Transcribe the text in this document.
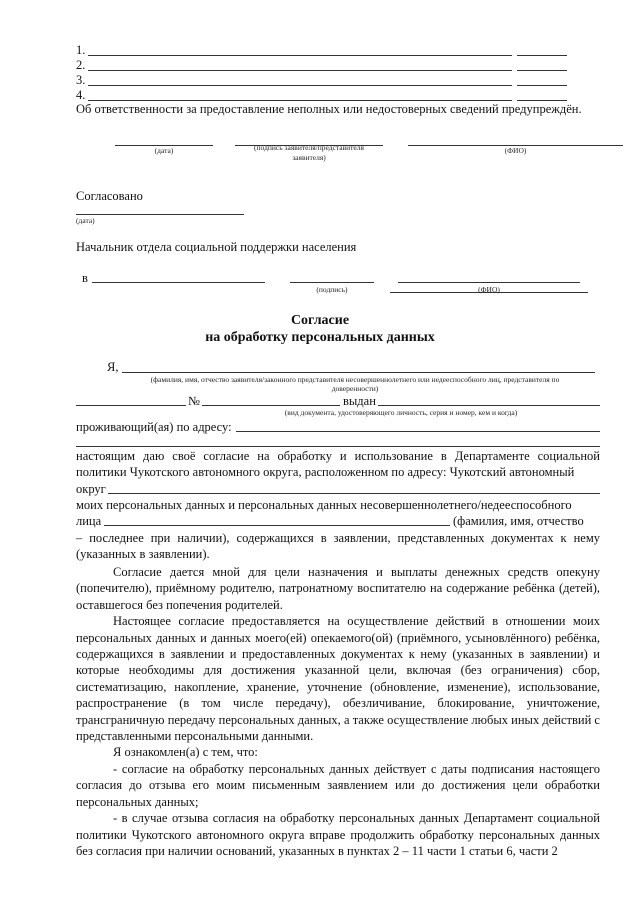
1.
2.
3.
4.
Об ответственности за предоставление неполных или недостоверных сведений предупреждён.
(дата)	(подпись заявителя/представителя
заявителя)
(ФИО)
Согласовано
(дата)
Начальник отдела социальной поддержки населения
в
(подпись)	(ФИО)
Согласие
на обработку персональных данных
Я,
(фамилия, имя, отчество заявителя/законного представителя несовершеннолетнего или недееспособного лиц, представителя по
доверенности)
№	выдан
(вид документа, удостоверяющего личность, серия и номер, кем и когда)
проживающий(ая) по адресу:

настоящим даю своё согласие на обработку и использование в Департаменте социальной политики Чукотского автономного округа, расположенном по адресу: Чукотский автономный

округ

моих персональных данных и персональных данных несовершеннолетнего/недееспособного

лица	(фамилия, имя, отчество

– последнее при наличии), содержащихся в заявлении, представленных документах к нему (указанных в заявлении).

Согласие дается мной для цели назначения и выплаты денежных средств опекуну (попечителю), приёмному родителю, патронатному воспитателю на содержание ребёнка (детей), оставшегося без попечения родителей.

Настоящее согласие предоставляется на осуществление действий в отношении моих персональных данных и данных моего(ей) опекаемого(ой) (приёмного, усыновлённого) ребёнка, содержащихся в заявлении и предоставленных документах к нему (указанных в заявлении) и которые необходимы для достижения указанной цели, включая (без ограничения) сбор, систематизацию, накопление, хранение, уточнение (обновление, изменение), использование, распространение (в том числе передачу), обезличивание, блокирование, уничтожение, трансграничную передачу персональных данных, а также осуществление любых иных действий с представленными персональными данными.

Я ознакомлен(а) с тем, что:

- согласие на обработку персональных данных действует с даты подписания настоящего согласия до отзыва его моим письменным заявлением или до достижения цели обработки персональных данных;

- в случае отзыва согласия на обработку персональных данных Департамент социальной политики Чукотского автономного округа вправе продолжить обработку персональных данных без согласия при наличии оснований, указанных в пунктах 2 – 11 части 1 статьи 6, части 2
